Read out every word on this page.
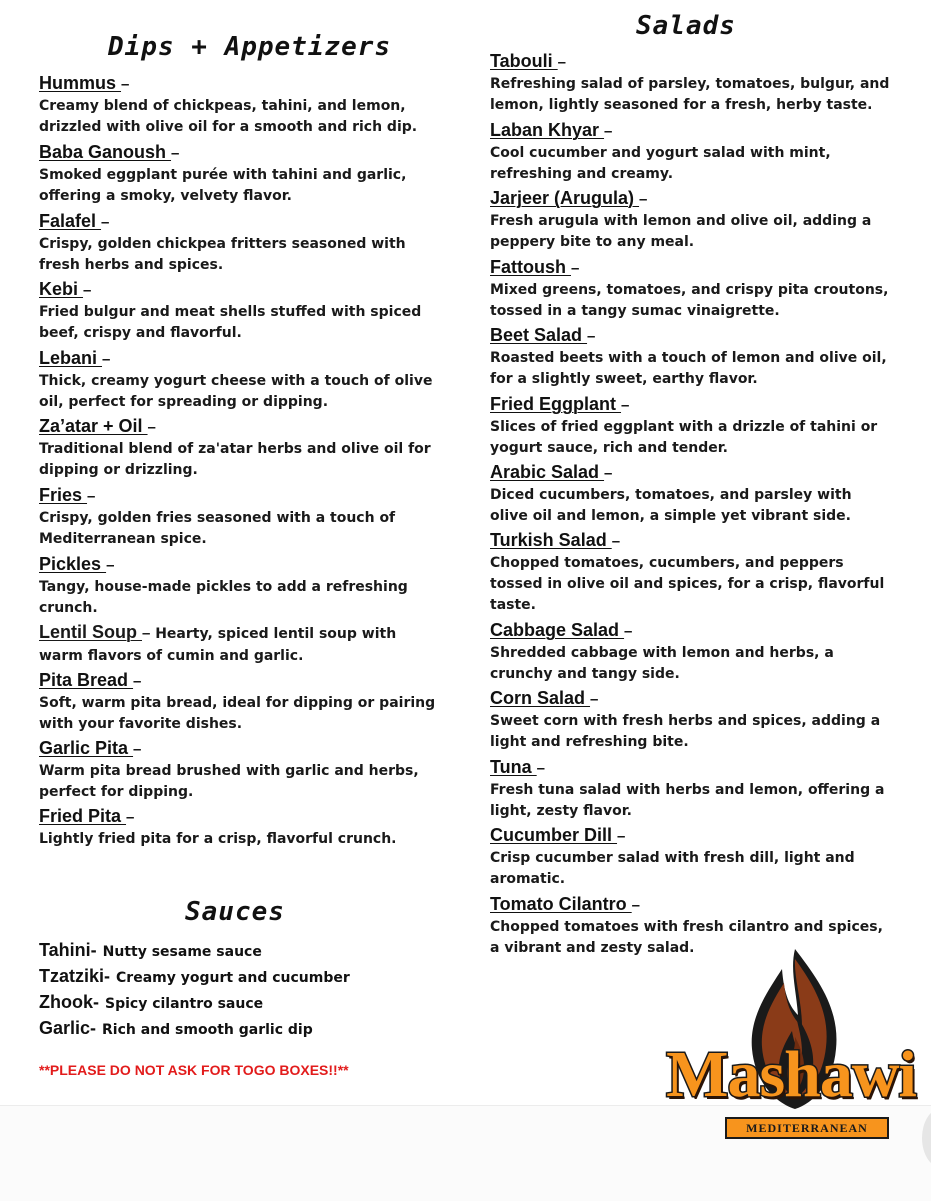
Dips + Appetizers
Salads
Hummus –
Creamy blend of chickpeas, tahini, and lemon, drizzled with olive oil for a smooth and rich dip.
Baba Ganoush –
Smoked eggplant purée with tahini and garlic, offering a smoky, velvety flavor.
Falafel –
Crispy, golden chickpea fritters seasoned with fresh herbs and spices.
Kebi –
Fried bulgur and meat shells stuffed with spiced beef, crispy and flavorful.
Lebani –
Thick, creamy yogurt cheese with a touch of olive oil, perfect for spreading or dipping.
Za’atar + Oil –
Traditional blend of za'atar herbs and olive oil for dipping or drizzling.
Fries –
Crispy, golden fries seasoned with a touch of Mediterranean spice.
Pickles –
Tangy, house-made pickles to add a refreshing crunch.
Lentil Soup – Hearty, spiced lentil soup with warm flavors of cumin and garlic.
Pita Bread –
Soft, warm pita bread, ideal for dipping or pairing with your favorite dishes.
Garlic Pita –
Warm pita bread brushed with garlic and herbs, perfect for dipping.
Fried Pita –
Lightly fried pita for a crisp, flavorful crunch.
Tabouli –
Refreshing salad of parsley, tomatoes, bulgur, and lemon, lightly seasoned for a fresh, herby taste.
Laban Khyar –
Cool cucumber and yogurt salad with mint, refreshing and creamy.
Jarjeer (Arugula) –
Fresh arugula with lemon and olive oil, adding a peppery bite to any meal.
Fattoush –
Mixed greens, tomatoes, and crispy pita croutons, tossed in a tangy sumac vinaigrette.
Beet Salad –
Roasted beets with a touch of lemon and olive oil, for a slightly sweet, earthy flavor.
Fried Eggplant –
Slices of fried eggplant with a drizzle of tahini or yogurt sauce, rich and tender.
Arabic Salad –
Diced cucumbers, tomatoes, and parsley with olive oil and lemon, a simple yet vibrant side.
Turkish Salad –
Chopped tomatoes, cucumbers, and peppers tossed in olive oil and spices, for a crisp, flavorful taste.
Cabbage Salad –
Shredded cabbage with lemon and herbs, a crunchy and tangy side.
Corn Salad –
Sweet corn with fresh herbs and spices, adding a light and refreshing bite.
Tuna –
Fresh tuna salad with herbs and lemon, offering a light, zesty flavor.
Cucumber Dill –
Crisp cucumber salad with fresh dill, light and aromatic.
Tomato Cilantro –
Chopped tomatoes with fresh cilantro and spices, a vibrant and zesty salad.
Sauces
Tahini- Nutty sesame sauce
Tzatziki- Creamy yogurt and cucumber
Zhook- Spicy cilantro sauce
Garlic- Rich and smooth garlic dip
**PLEASE DO NOT ASK FOR TOGO BOXES!!**	Mashawi
MEDITERRANEAN
